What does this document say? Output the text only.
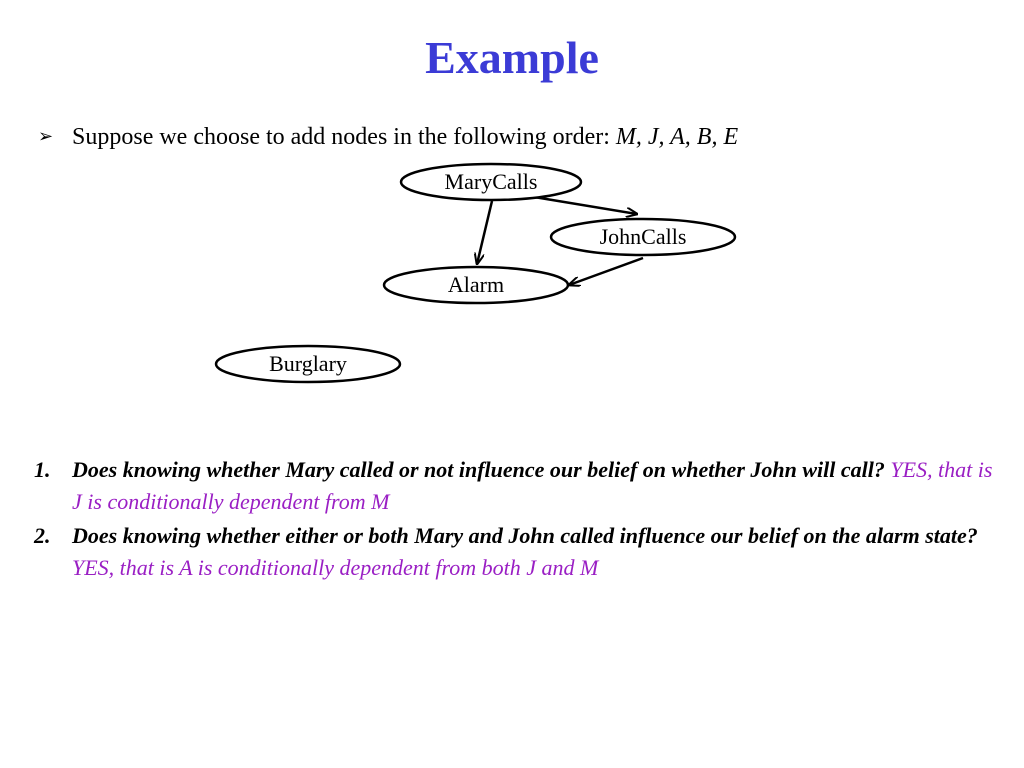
Example
➢ Suppose we choose to add nodes in the following order: M, J, A, B, E
MaryCalls
JohnCalls
Alarm
Burglary
1. Does knowing whether Mary called or not influence our belief on whether John will call? YES, that is J is conditionally dependent from M
2. Does knowing whether either or both Mary and John called influence our belief on the alarm state? YES, that is A is conditionally dependent from both J and M
